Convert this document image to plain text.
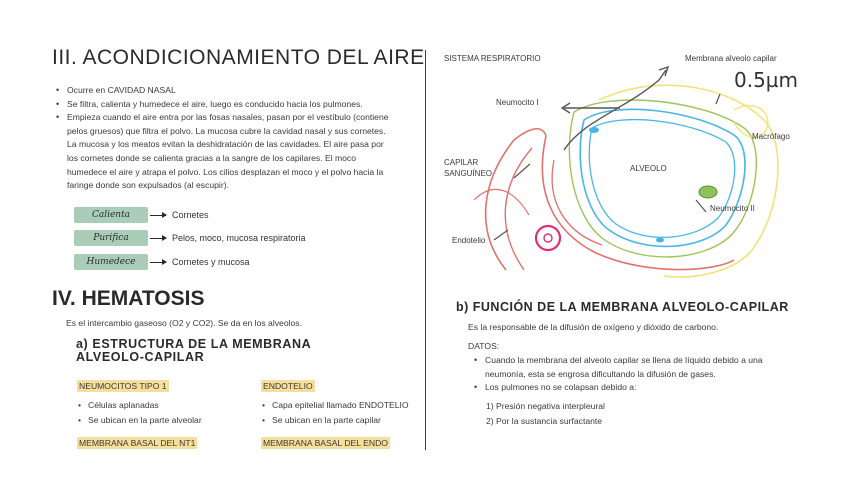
III. ACONDICIONAMIENTO DEL AIRE
• Ocurre en CAVIDAD NASAL
• Se filtra, calienta y humedece el aire, luego es conducido hacia los pulmones.
• Empieza cuando el aire entra por las fosas nasales, pasan por el vestíbulo (contiene pelos gruesos) que filtra el polvo. La mucosa cubre la cavidad nasal y sus cornetes. La mucosa y los meatos evitan la deshidratación de las cavidades. El aire pasa por los cornetes donde se calienta gracias a la sangre de los capilares. El moco humedece el aire y atrapa el polvo. Los cilios desplazan el moco y el polvo hacia la faringe donde son expulsados (al escupir).
Calienta	Cornetes
Purifica	Pelos, moco, mucosa respiratoria
Humedece	Cornetes y mucosa
IV. HEMATOSIS

Es el intercambio gaseoso (O2 y CO2). Se da en los alveolos.

a) ESTRUCTURA DE LA MEMBRANA
ALVEOLO-CAPILAR
NEUMOCITOS TIPO 1
• Células aplanadas
• Se ubican en la parte alveolar
MEMBRANA BASAL DEL NT1
ENDOTELIO
• Capa epitelial llamado ENDOTELIO
• Se ubican en la parte capilar
MEMBRANA BASAL DEL ENDO
SISTEMA RESPIRATORIO	Membrana alveolo capilar
0.5µm
Neumocito I
Macrófago
CAPILAR
SANGUÍNEO
ALVEOLO
Neumocito II
Endotelio
b) FUNCIÓN DE LA MEMBRANA ALVEOLO-CAPILAR

Es la responsable de la difusión de oxígeno y dióxido de carbono.

DATOS:

• Cuando la membrana del alveolo capilar se llena de líquido debido a una neumonía, esta se engrosa dificultando la difusión de gases.
• Los pulmones no se colapsan debido a:
1) Presión negativa interpleural
2) Por la sustancia surfactante
